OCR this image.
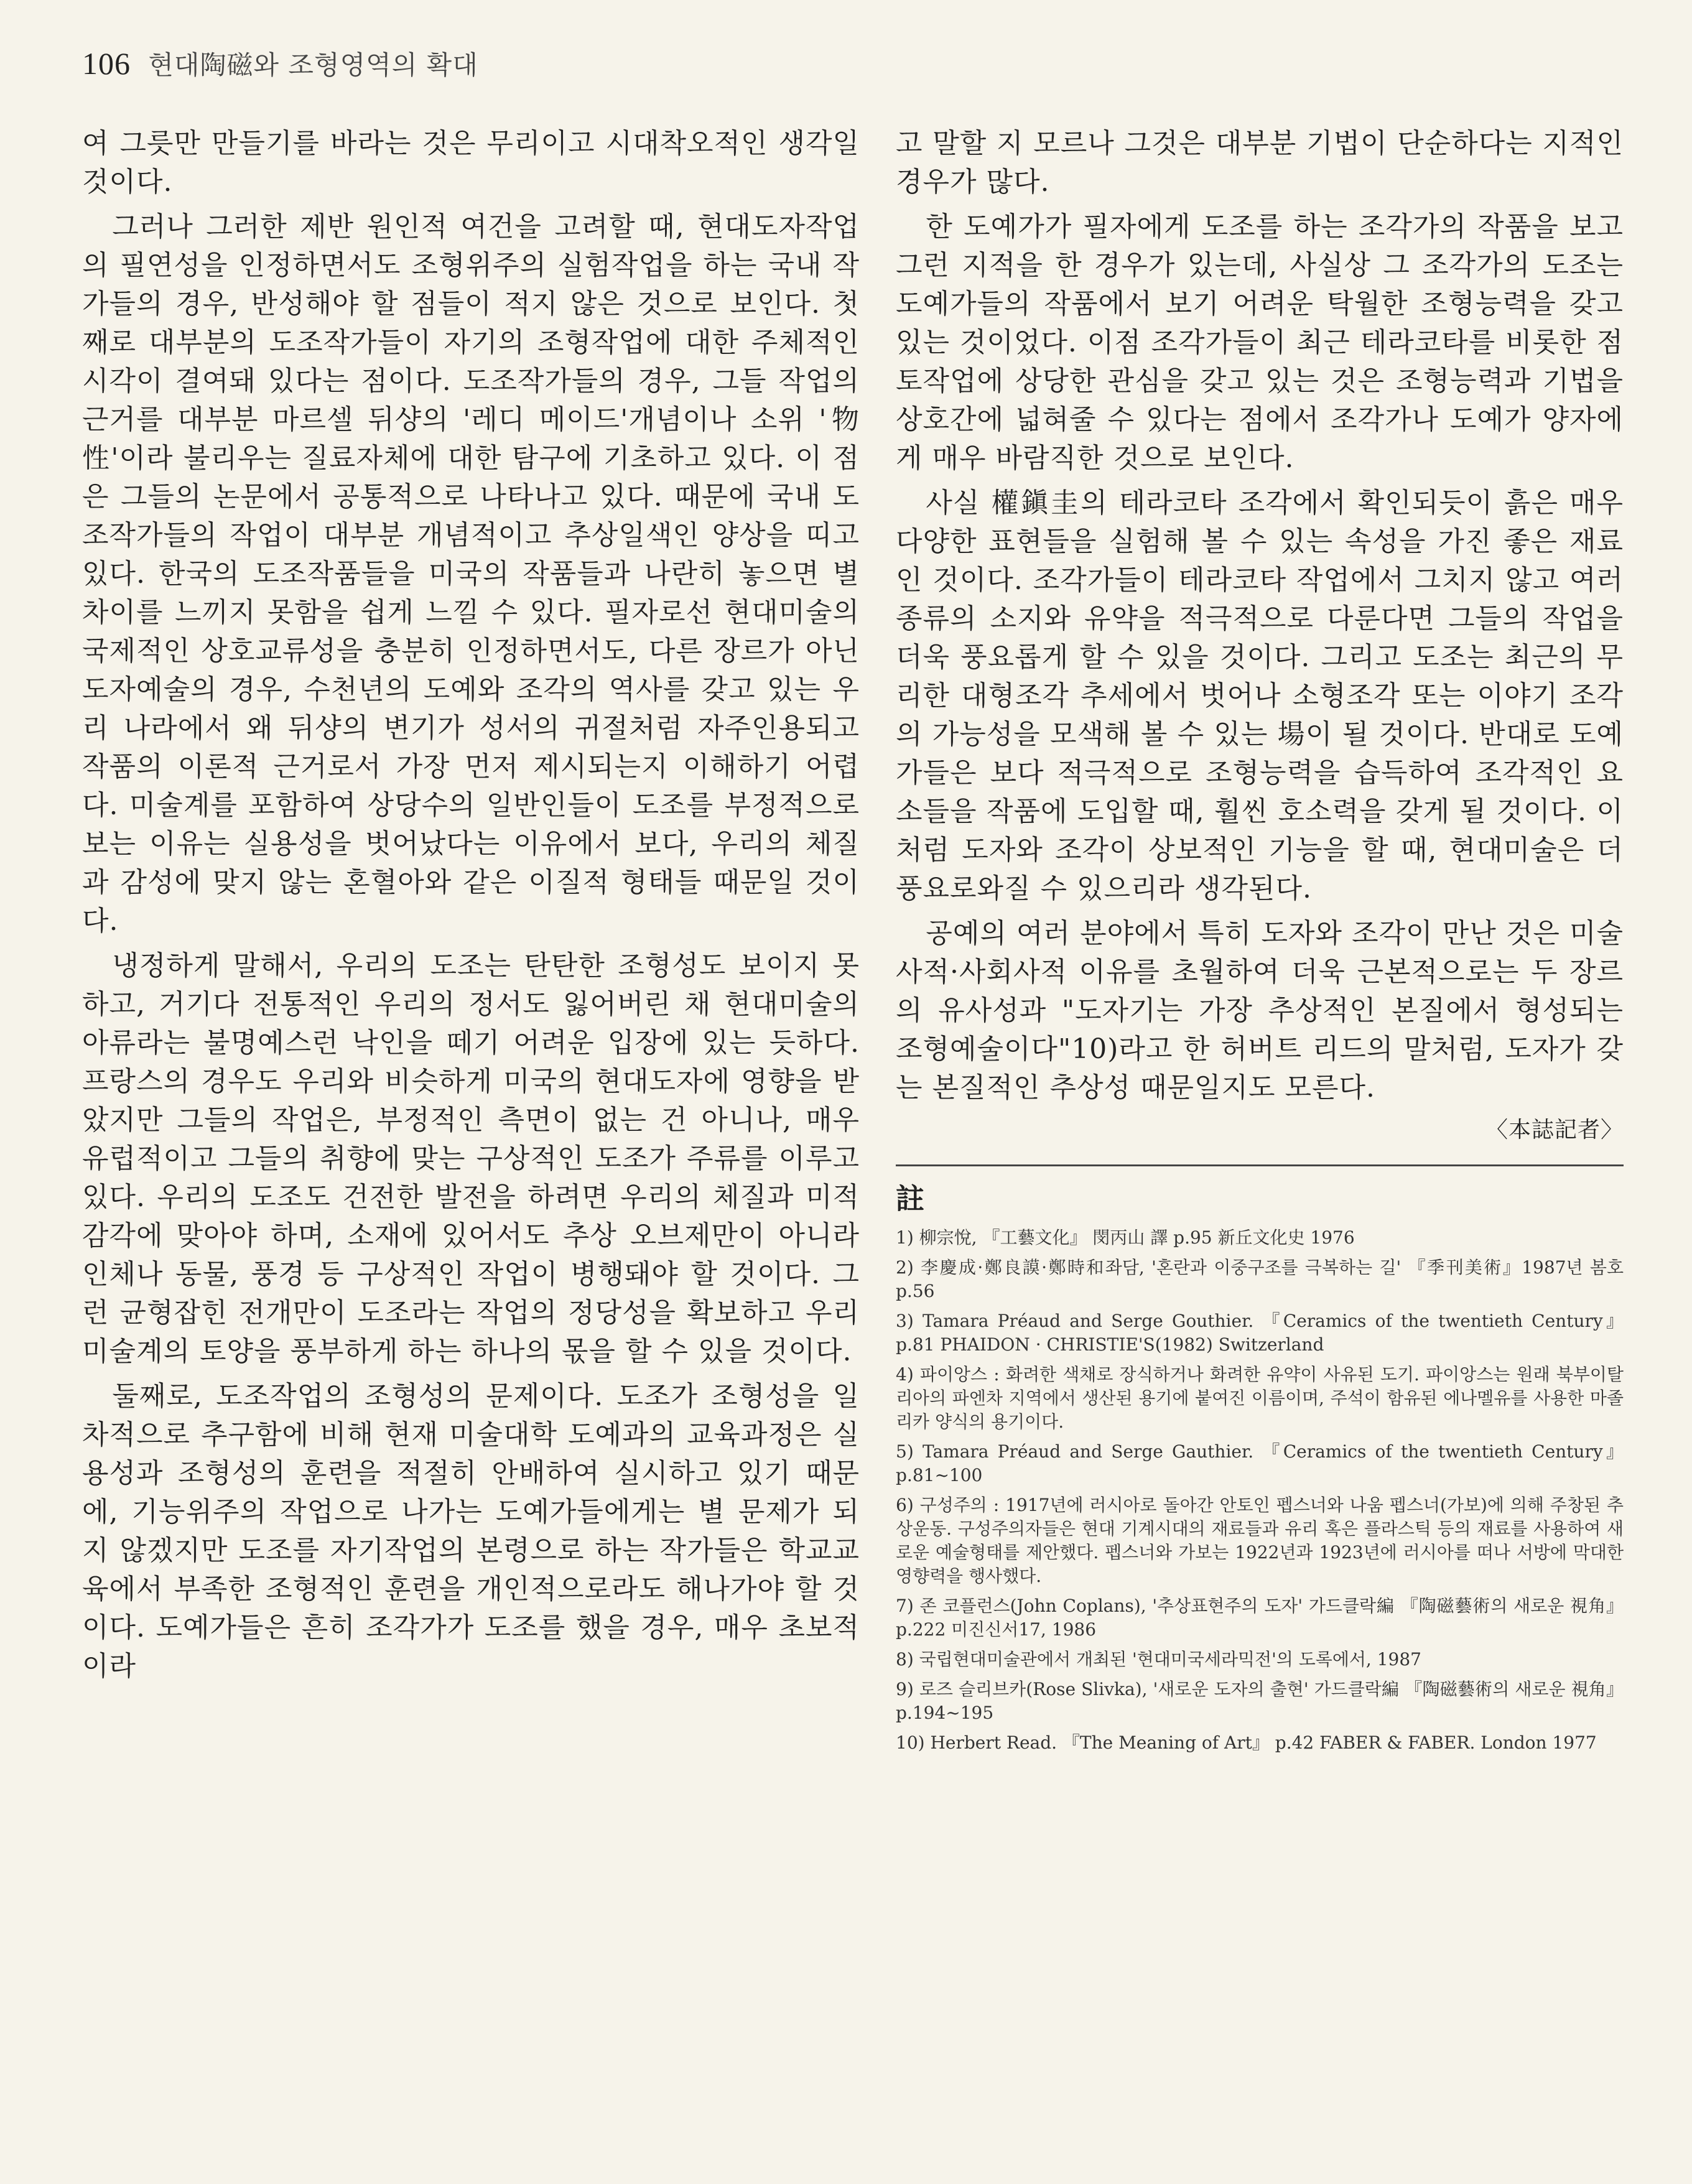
106 현대陶磁와 조형영역의 확대

여 그릇만 만들기를 바라는 것은 무리이고 시대착오적인 생각일 것이다.

그러나 그러한 제반 원인적 여건을 고려할 때, 현대도자작업의 필연성을 인정하면서도 조형위주의 실험작업을 하는 국내 작가들의 경우, 반성해야 할 점들이 적지 않은 것으로 보인다. 첫째로 대부분의 도조작가들이 자기의 조형작업에 대한 주체적인 시각이 결여돼 있다는 점이다. 도조작가들의 경우, 그들 작업의 근거를 대부분 마르셀 뒤샹의 '레디 메이드'개념이나 소위 '物性'이라 불리우는 질료자체에 대한 탐구에 기초하고 있다. 이 점은 그들의 논문에서 공통적으로 나타나고 있다. 때문에 국내 도조작가들의 작업이 대부분 개념적이고 추상일색인 양상을 띠고 있다. 한국의 도조작품들을 미국의 작품들과 나란히 놓으면 별 차이를 느끼지 못함을 쉽게 느낄 수 있다. 필자로선 현대미술의 국제적인 상호교류성을 충분히 인정하면서도, 다른 장르가 아닌 도자예술의 경우, 수천년의 도예와 조각의 역사를 갖고 있는 우리 나라에서 왜 뒤샹의 변기가 성서의 귀절처럼 자주인용되고 작품의 이론적 근거로서 가장 먼저 제시되는지 이해하기 어렵다. 미술계를 포함하여 상당수의 일반인들이 도조를 부정적으로 보는 이유는 실용성을 벗어났다는 이유에서 보다, 우리의 체질과 감성에 맞지 않는 혼혈아와 같은 이질적 형태들 때문일 것이다.

냉정하게 말해서, 우리의 도조는 탄탄한 조형성도 보이지 못하고, 거기다 전통적인 우리의 정서도 잃어버린 채 현대미술의 아류라는 불명예스런 낙인을 떼기 어려운 입장에 있는 듯하다. 프랑스의 경우도 우리와 비슷하게 미국의 현대도자에 영향을 받았지만 그들의 작업은, 부정적인 측면이 없는 건 아니나, 매우 유럽적이고 그들의 취향에 맞는 구상적인 도조가 주류를 이루고 있다. 우리의 도조도 건전한 발전을 하려면 우리의 체질과 미적감각에 맞아야 하며, 소재에 있어서도 추상 오브제만이 아니라 인체나 동물, 풍경 등 구상적인 작업이 병행돼야 할 것이다. 그런 균형잡힌 전개만이 도조라는 작업의 정당성을 확보하고 우리 미술계의 토양을 풍부하게 하는 하나의 몫을 할 수 있을 것이다.

둘째로, 도조작업의 조형성의 문제이다. 도조가 조형성을 일차적으로 추구함에 비해 현재 미술대학 도예과의 교육과정은 실용성과 조형성의 훈련을 적절히 안배하여 실시하고 있기 때문에, 기능위주의 작업으로 나가는 도예가들에게는 별 문제가 되지 않겠지만 도조를 자기작업의 본령으로 하는 작가들은 학교교육에서 부족한 조형적인 훈련을 개인적으로라도 해나가야 할 것이다. 도예가들은 흔히 조각가가 도조를 했을 경우, 매우 초보적이라

고 말할 지 모르나 그것은 대부분 기법이 단순하다는 지적인 경우가 많다.

한 도예가가 필자에게 도조를 하는 조각가의 작품을 보고 그런 지적을 한 경우가 있는데, 사실상 그 조각가의 도조는 도예가들의 작품에서 보기 어려운 탁월한 조형능력을 갖고 있는 것이었다. 이점 조각가들이 최근 테라코타를 비롯한 점토작업에 상당한 관심을 갖고 있는 것은 조형능력과 기법을 상호간에 넓혀줄 수 있다는 점에서 조각가나 도예가 양자에게 매우 바람직한 것으로 보인다.

사실 權鎭圭의 테라코타 조각에서 확인되듯이 흙은 매우 다양한 표현들을 실험해 볼 수 있는 속성을 가진 좋은 재료인 것이다. 조각가들이 테라코타 작업에서 그치지 않고 여러 종류의 소지와 유약을 적극적으로 다룬다면 그들의 작업을 더욱 풍요롭게 할 수 있을 것이다. 그리고 도조는 최근의 무리한 대형조각 추세에서 벗어나 소형조각 또는 이야기 조각의 가능성을 모색해 볼 수 있는 場이 될 것이다. 반대로 도예가들은 보다 적극적으로 조형능력을 습득하여 조각적인 요소들을 작품에 도입할 때, 훨씬 호소력을 갖게 될 것이다. 이처럼 도자와 조각이 상보적인 기능을 할 때, 현대미술은 더 풍요로와질 수 있으리라 생각된다.

공예의 여러 분야에서 특히 도자와 조각이 만난 것은 미술사적·사회사적 이유를 초월하여 더욱 근본적으로는 두 장르의 유사성과 "도자기는 가장 추상적인 본질에서 형성되는 조형예술이다"10)라고 한 허버트 리드의 말처럼, 도자가 갖는 본질적인 추상성 때문일지도 모른다.

〈本誌記者〉
註

1) 柳宗悅, 『工藝文化』 閔丙山 譯 p.95 新丘文化史 1976

2) 李慶成·鄭良謨·鄭時和좌담, '혼란과 이중구조를 극복하는 길' 『季刊美術』1987년 봄호 p.56

3) Tamara Préaud and Serge Gouthier. 『Ceramics of the twentieth Century』 p.81 PHAIDON · CHRISTIE'S(1982) Switzerland

4) 파이앙스 : 화려한 색채로 장식하거나 화려한 유약이 사유된 도기. 파이앙스는 원래 북부이탈리아의 파엔차 지역에서 생산된 용기에 붙여진 이름이며, 주석이 함유된 에나멜유를 사용한 마졸리카 양식의 용기이다.

5) Tamara Préaud and Serge Gauthier. 『Ceramics of the twentieth Century』 p.81~100

6) 구성주의 : 1917년에 러시아로 돌아간 안토인 펩스너와 나움 펩스너(가보)에 의해 주창된 추상운동. 구성주의자들은 현대 기계시대의 재료들과 유리 혹은 플라스틱 등의 재료를 사용하여 새로운 예술형태를 제안했다. 펩스너와 가보는 1922년과 1923년에 러시아를 떠나 서방에 막대한 영향력을 행사했다.

7) 존 코플런스(John Coplans), '추상표현주의 도자' 가드클락編 『陶磁藝術의 새로운 視角』 p.222 미진신서17, 1986

8) 국립현대미술관에서 개최된 '현대미국세라믹전'의 도록에서, 1987

9) 로즈 슬리브카(Rose Slivka), '새로운 도자의 출현' 가드클락編 『陶磁藝術의 새로운 視角』 p.194~195

10) Herbert Read. 『The Meaning of Art』 p.42 FABER & FABER. London 1977
